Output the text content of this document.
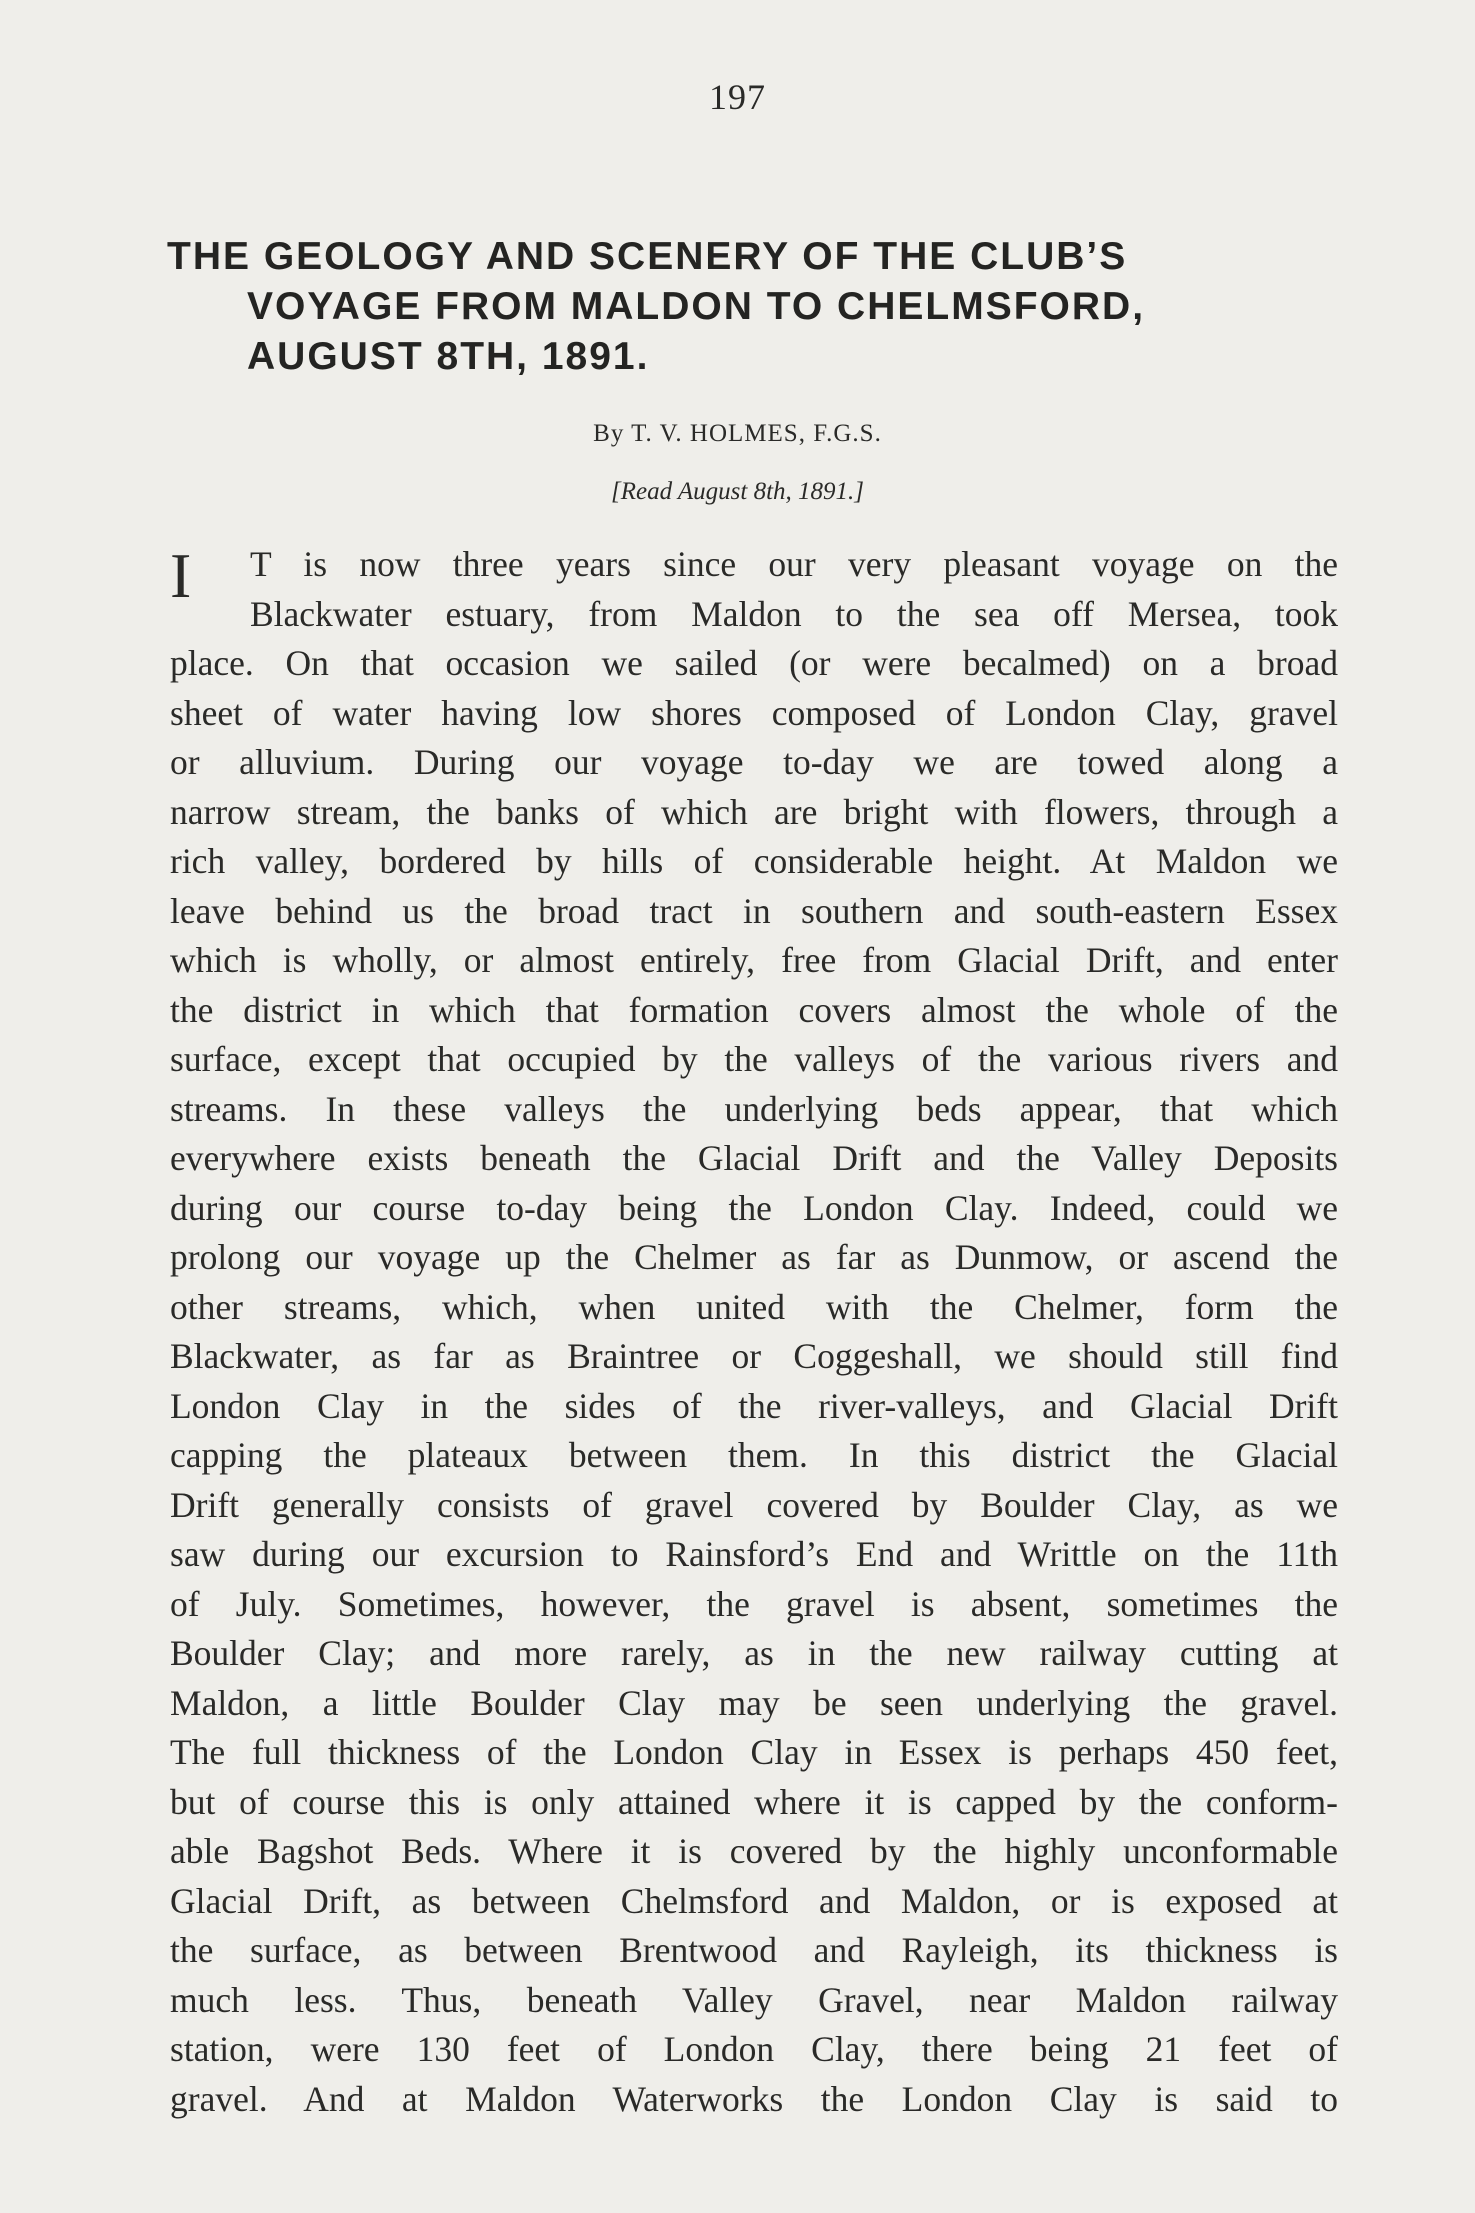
197
THE GEOLOGY AND SCENERY OF THE CLUB’S
VOYAGE FROM MALDON TO CHELMSFORD,
AUGUST 8TH, 1891.
By T. V. HOLMES, F.G.S.
[Read August 8th, 1891.]
I	T is now three years since our very pleasant voyage on the
Blackwater estuary, from Maldon to the sea off Mersea, took
place. On that occasion we sailed (or were becalmed) on a broad
sheet of water having low shores composed of London Clay, gravel
or alluvium. During our voyage to-day we are towed along a
narrow stream, the banks of which are bright with flowers, through a
rich valley, bordered by hills of considerable height. At Maldon we
leave behind us the broad tract in southern and south-eastern Essex
which is wholly, or almost entirely, free from Glacial Drift, and enter
the district in which that formation covers almost the whole of the
surface, except that occupied by the valleys of the various rivers and
streams. In these valleys the underlying beds appear, that which
everywhere exists beneath the Glacial Drift and the Valley Deposits
during our course to-day being the London Clay. Indeed, could we
prolong our voyage up the Chelmer as far as Dunmow, or ascend the
other streams, which, when united with the Chelmer, form the
Blackwater, as far as Braintree or Coggeshall, we should still find
London Clay in the sides of the river-valleys, and Glacial Drift
capping the plateaux between them. In this district the Glacial
Drift generally consists of gravel covered by Boulder Clay, as we
saw during our excursion to Rainsford’s End and Writtle on the 11th
of July. Sometimes, however, the gravel is absent, sometimes the
Boulder Clay; and more rarely, as in the new railway cutting at
Maldon, a little Boulder Clay may be seen underlying the gravel.
The full thickness of the London Clay in Essex is perhaps 450 feet,
but of course this is only attained where it is capped by the conform-
able Bagshot Beds. Where it is covered by the highly unconformable
Glacial Drift, as between Chelmsford and Maldon, or is exposed at
the surface, as between Brentwood and Rayleigh, its thickness is
much less. Thus, beneath Valley Gravel, near Maldon railway
station, were 130 feet of London Clay, there being 21 feet of
gravel. And at Maldon Waterworks the London Clay is said to
